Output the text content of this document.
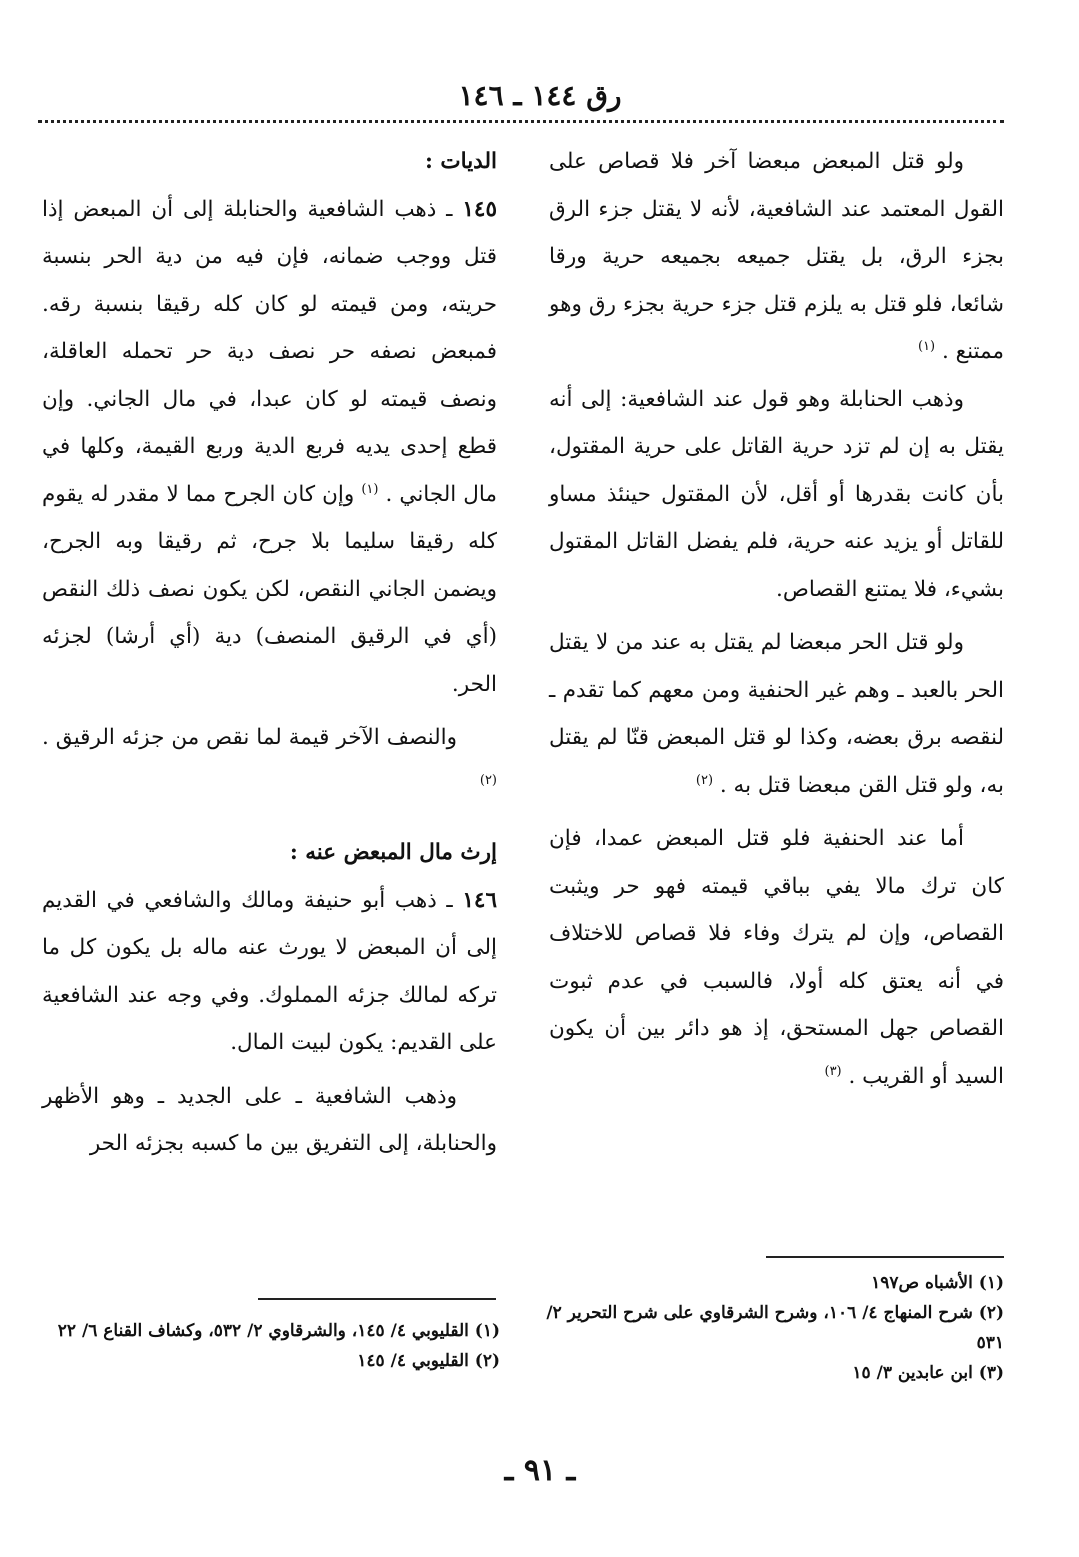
رق ١٤٤ ـ ١٤٦

ولو قتل المبعض مبعضا آخر فلا قصاص على القول المعتمد عند الشافعية، لأنه لا يقتل جزء الرق بجزء الرق، بل يقتل جميعه بجميعه حرية ورقا شائعا، فلو قتل به يلزم قتل جزء حرية بجزء رق وهو ممتنع . $^{(١)}$

وذهب الحنابلة وهو قول عند الشافعية: إلى أنه يقتل به إن لم تزد حرية القاتل على حرية المقتول، بأن كانت بقدرها أو أقل، لأن المقتول حينئذ مساو للقاتل أو يزيد عنه حرية، فلم يفضل القاتل المقتول بشيء، فلا يمتنع القصاص.

ولو قتل الحر مبعضا لم يقتل به عند من لا يقتل الحر بالعبد ـ وهم غير الحنفية ومن معهم كما تقدم ـ لنقصه برق بعضه، وكذا لو قتل المبعض قنّا لم يقتل به، ولو قتل القن مبعضا قتل به . $^{(٢)}$

أما عند الحنفية فلو قتل المبعض عمدا، فإن كان ترك مالا يفي بباقي قيمته فهو حر ويثبت القصاص، وإن لم يترك وفاء فلا قصاص للاختلاف في أنه يعتق كله أولا، فالسبب في عدم ثبوت القصاص جهل المستحق، إذ هو دائر بين أن يكون السيد أو القريب . $^{(٣)}$

الديات :

١٤٥ ـ ذهب الشافعية والحنابلة إلى أن المبعض إذا قتل ووجب ضمانه، فإن فيه من دية الحر بنسبة حريته، ومن قيمته لو كان كله رقيقا بنسبة رقه. فمبعض نصفه حر نصف دية حر تحمله العاقلة، ونصف قيمته لو كان عبدا، في مال الجاني. وإن قطع إحدى يديه فربع الدية وربع القيمة، وكلها في مال الجاني . $^{(١)}$ وإن كان الجرح مما لا مقدر له يقوم كله رقيقا سليما بلا جرح، ثم رقيقا وبه الجرح، ويضمن الجاني النقص، لكن يكون نصف ذلك النقص (أي في الرقيق المنصف) دية (أي أرشا) لجزئه الحر.

والنصف الآخر قيمة لما نقص من جزئه الرقيق . $^{(٢)}$

إرث مال المبعض عنه :

١٤٦ ـ ذهب أبو حنيفة ومالك والشافعي في القديم إلى أن المبعض لا يورث عنه ماله بل يكون كل ما تركه لمالك جزئه المملوك. وفي وجه عند الشافعية على القديم: يكون لبيت المال.

وذهب الشافعية ـ على الجديد ـ وهو الأظهر والحنابلة، إلى التفريق بين ما كسبه بجزئه الحر

(١) الأشباه ص١٩٧

(٢) شرح المنهاج ٤/ ١٠٦، وشرح الشرقاوي على شرح التحرير ٢/ ٥٣١

(٣) ابن عابدين ٣/ ١٥

(١) القليوبي ٤/ ١٤٥، والشرقاوي ٢/ ٥٣٢، وكشاف القناع ٦/ ٢٢

(٢) القليوبي ٤/ ١٤٥

ـ ٩١ ـ
